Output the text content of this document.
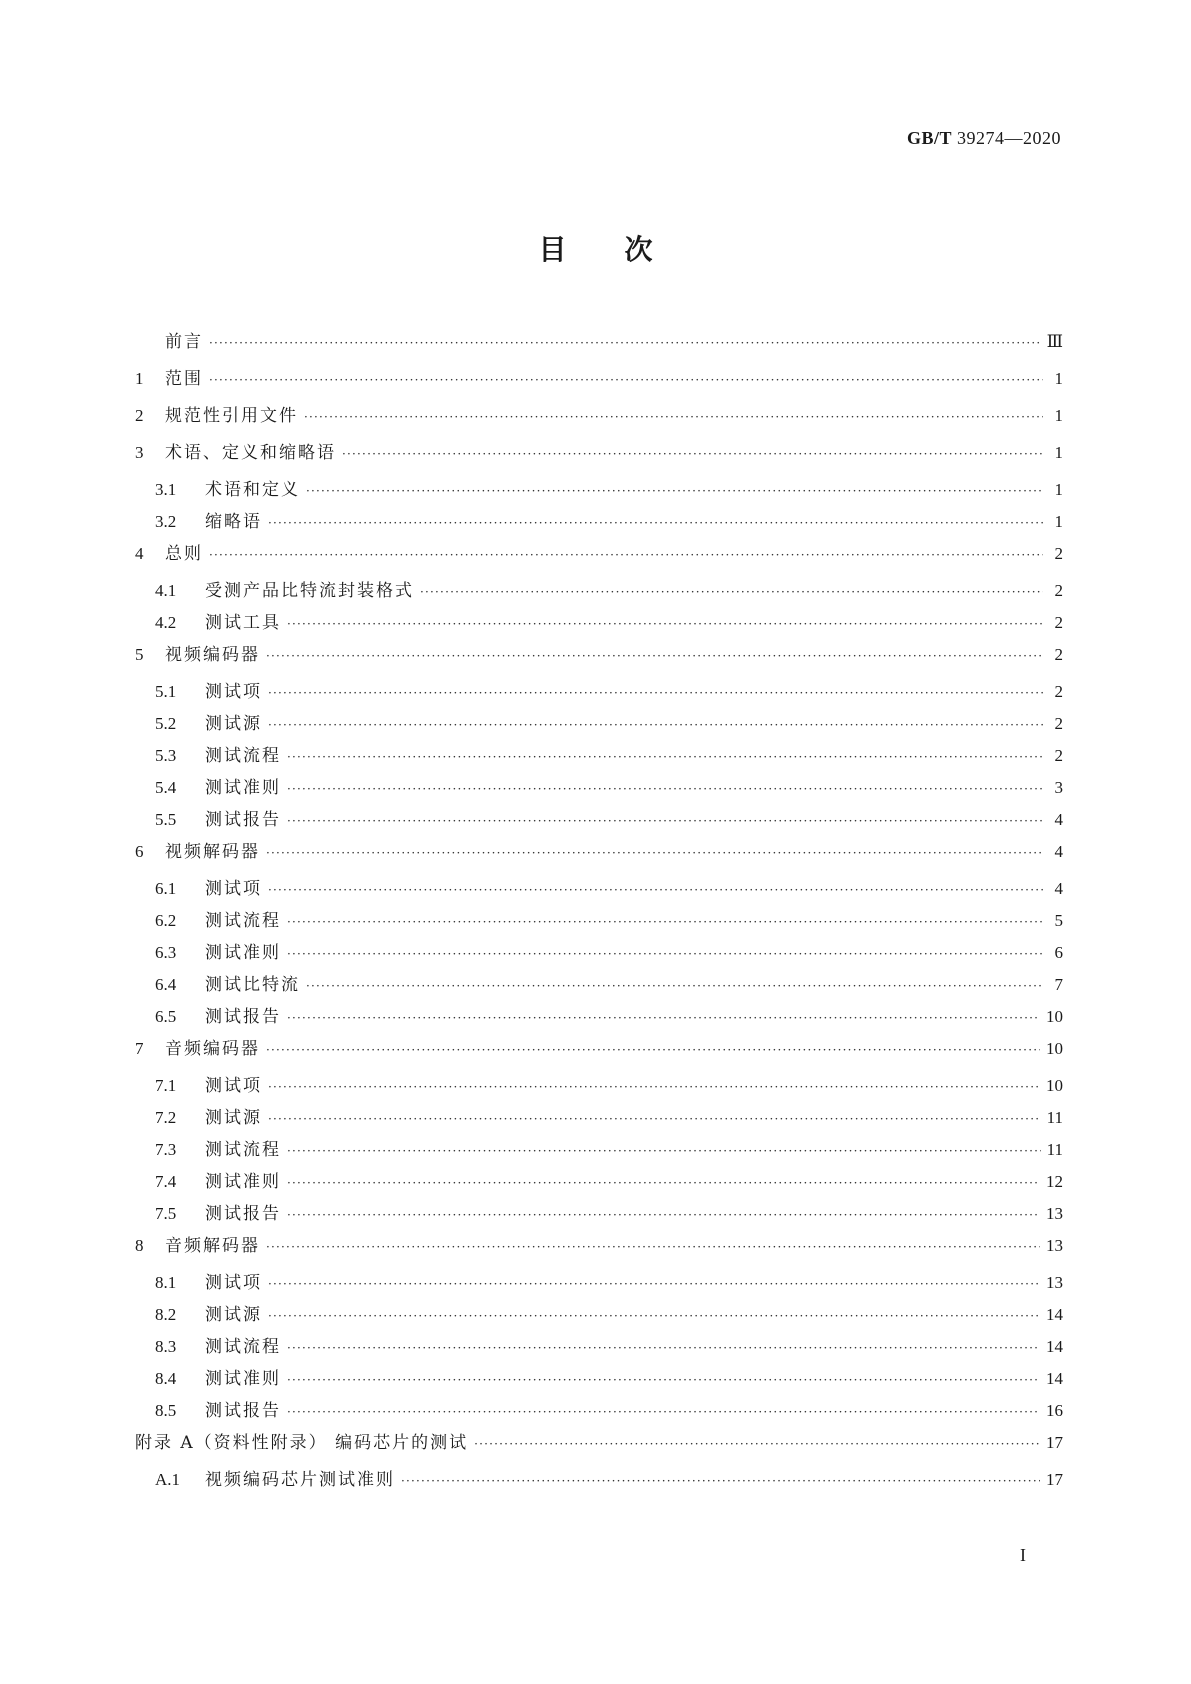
GB/T 39274—2020
目次
前言 ·····	Ⅲ
1	范围 ·····	1
2	规范性引用文件 ·····	1
3	术语、定义和缩略语 ·····	1
3.1	术语和定义 ·····	1
3.2	缩略语 ·····	1
4	总则 ·····	2
4.1	受测产品比特流封装格式 ·····	2
4.2	测试工具 ·····	2
5	视频编码器 ·····	2
5.1	测试项 ·····	2
5.2	测试源 ·····	2
5.3	测试流程 ·····	2
5.4	测试准则 ·····	3
5.5	测试报告 ·····	4
6	视频解码器 ·····	4
6.1	测试项 ·····	4
6.2	测试流程 ·····	5
6.3	测试准则 ·····	6
6.4	测试比特流 ·····	7
6.5	测试报告 ·····	10
7	音频编码器 ·····	10
7.1	测试项 ·····	10
7.2	测试源 ·····	11
7.3	测试流程 ·····	11
7.4	测试准则 ·····	12
7.5	测试报告 ·····	13
8	音频解码器 ·····	13
8.1	测试项 ·····	13
8.2	测试源 ·····	14
8.3	测试流程 ·····	14
8.4	测试准则 ·····	14
8.5	测试报告 ·····	16
附录 A（资料性附录） 编码芯片的测试 ·····	17
A.1	视频编码芯片测试准则 ·····	17
I
